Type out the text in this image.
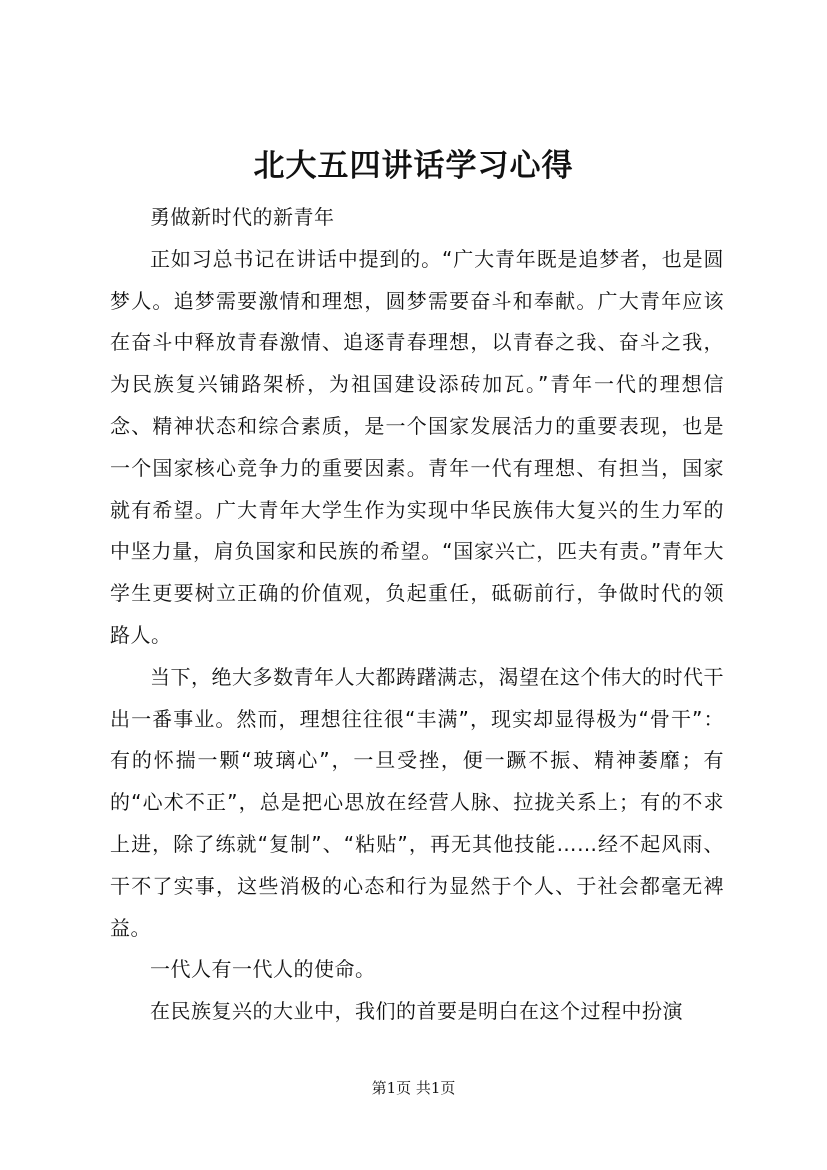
北大五四讲话学习心得

勇做新时代的新青年

正如习总书记在讲话中提到的。“广大青年既是追梦者，也是圆梦人。追梦需要激情和理想，圆梦需要奋斗和奉献。广大青年应该在奋斗中释放青春激情、追逐青春理想，以青春之我、奋斗之我，为民族复兴铺路架桥，为祖国建设添砖加瓦。”青年一代的理想信念、精神状态和综合素质，是一个国家发展活力的重要表现，也是一个国家核心竞争力的重要因素。青年一代有理想、有担当，国家就有希望。广大青年大学生作为实现中华民族伟大复兴的生力军的中坚力量，肩负国家和民族的希望。“国家兴亡，匹夫有责。”青年大学生更要树立正确的价值观，负起重任，砥砺前行，争做时代的领路人。

当下，绝大多数青年人大都踌躇满志，渴望在这个伟大的时代干出一番事业。然而，理想往往很“丰满”，现实却显得极为“骨干”：有的怀揣一颗“玻璃心”，一旦受挫，便一蹶不振、精神萎靡；有的“心术不正”，总是把心思放在经营人脉、拉拢关系上；有的不求上进，除了练就“复制”、“粘贴”，再无其他技能……经不起风雨、干不了实事，这些消极的心态和行为显然于个人、于社会都毫无裨益。

一代人有一代人的使命。

在民族复兴的大业中，我们的首要是明白在这个过程中扮演

第1页 共1页
